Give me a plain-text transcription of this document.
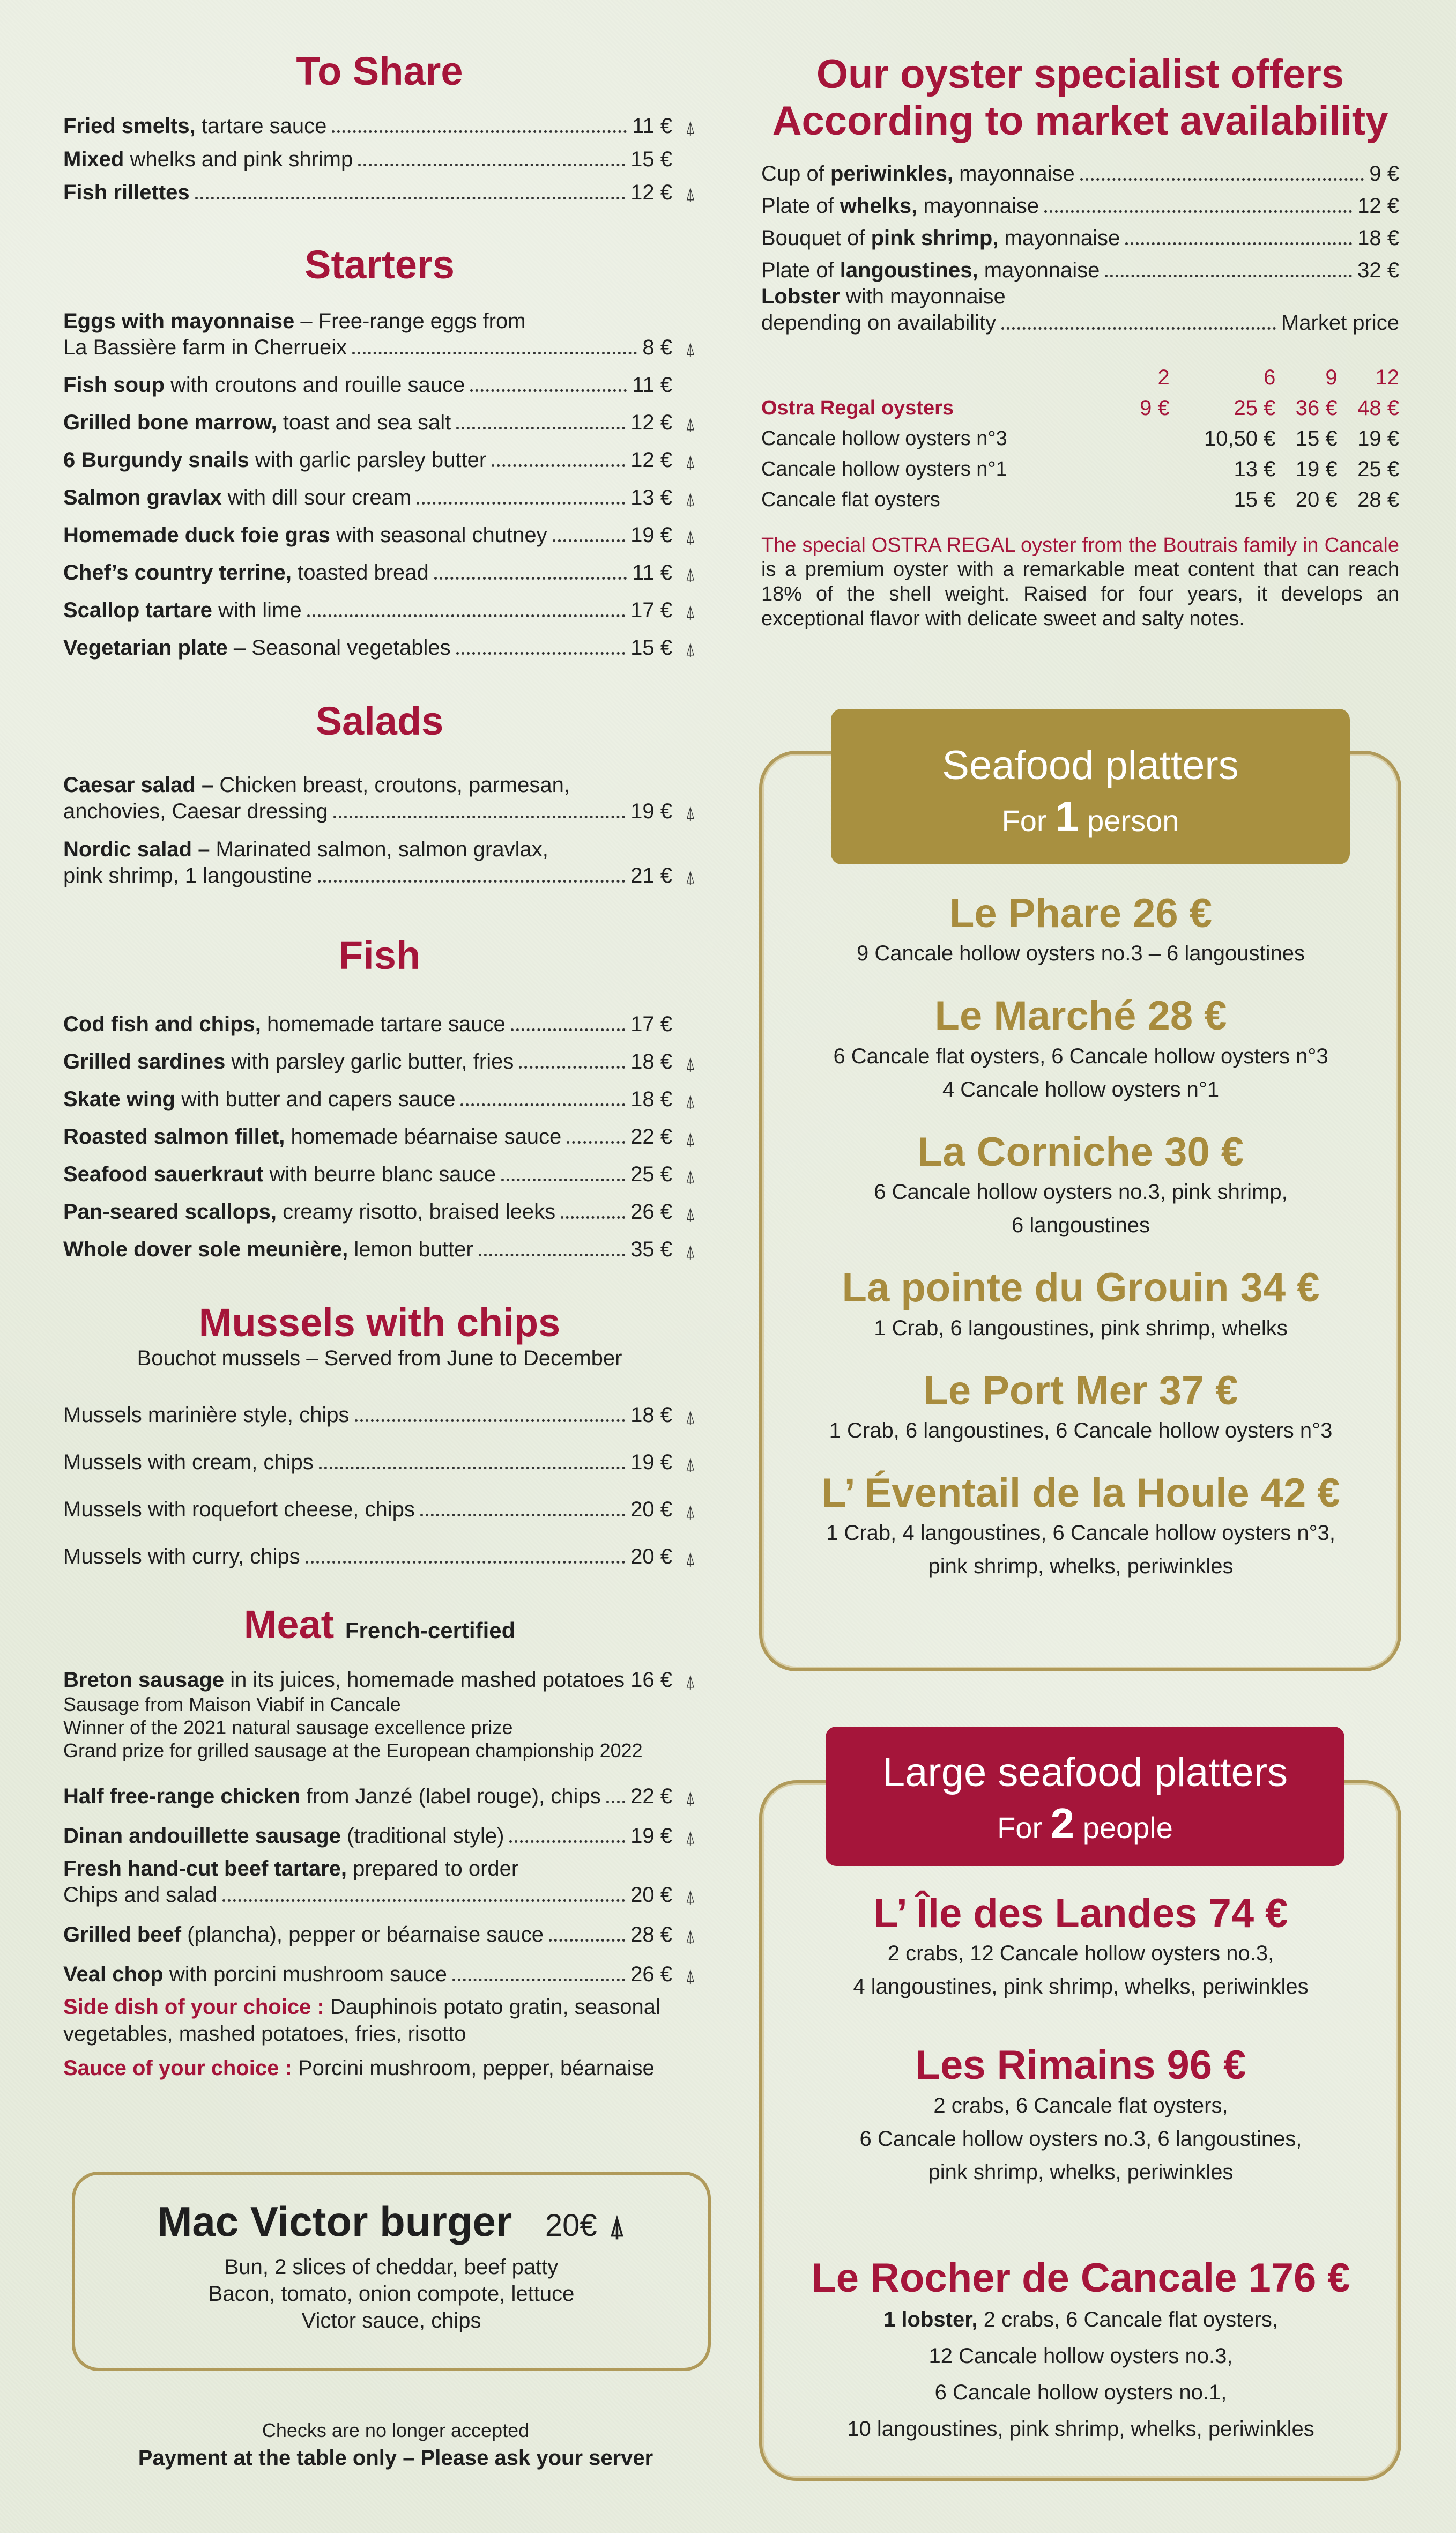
To Share
Fried smelts, tartare sauce	11 € ⍋
Mixed whelks and pink shrimp	15 €
Fish rillettes	12 € ⍋
Starters
Eggs with mayonnaise – Free-range eggs from
La Bassière farm in Cherrueix	8 € ⍋
Fish soup with croutons and rouille sauce	11 €
Grilled bone marrow, toast and sea salt	12 € ⍋
6 Burgundy snails with garlic parsley butter	12 € ⍋
Salmon gravlax with dill sour cream	13 € ⍋
Homemade duck foie gras with seasonal chutney	19 € ⍋
Chef’s country terrine, toasted bread	11 € ⍋
Scallop tartare with lime	17 € ⍋
Vegetarian plate – Seasonal vegetables	15 € ⍋
Salads
Caesar salad – Chicken breast, croutons, parmesan,
anchovies, Caesar dressing	19 € ⍋
Nordic salad – Marinated salmon, salmon gravlax,
pink shrimp, 1 langoustine	21 € ⍋
Fish
Cod fish and chips, homemade tartare sauce	17 €
Grilled sardines with parsley garlic butter, fries	18 € ⍋
Skate wing with butter and capers sauce	18 € ⍋
Roasted salmon fillet, homemade béarnaise sauce	22 € ⍋
Seafood sauerkraut with beurre blanc sauce	25 € ⍋
Pan-seared scallops, creamy risotto, braised leeks	26 € ⍋
Whole dover sole meunière, lemon butter	35 € ⍋
Mussels with chips
Bouchot mussels – Served from June to December
Mussels marinière style, chips	18 € ⍋
Mussels with cream, chips	19 € ⍋
Mussels with roquefort cheese, chips	20 € ⍋
Mussels with curry, chips	20 € ⍋
Meat French-certified
Breton sausage in its juices, homemade mashed potatoes 16 € ⍋
Sausage from Maison Viabif in Cancale
Winner of the 2021 natural sausage excellence prize
Grand prize for grilled sausage at the European championship 2022
Half free-range chicken from Janzé (label rouge), chips 22 € ⍋
Dinan andouillette sausage (traditional style)	19 € ⍋
Fresh hand-cut beef tartare, prepared to order
Chips and salad	20 € ⍋
Grilled beef (plancha), pepper or béarnaise sauce	28 € ⍋
Veal chop with porcini mushroom sauce	26 € ⍋
Side dish of your choice : Dauphinois potato gratin, seasonal
vegetables, mashed potatoes, fries, risotto
Sauce of your choice : Porcini mushroom, pepper, béarnaise
Mac Victor burger 20€ ⍋
Bun, 2 slices of cheddar, beef patty
Bacon, tomato, onion compote, lettuce
Victor sauce, chips
Checks are no longer accepted
Payment at the table only – Please ask your server
Our oyster specialist offers
According to market availability
Cup of periwinkles, mayonnaise	9 €
Plate of whelks, mayonnaise	12 €
Bouquet of pink shrimp, mayonnaise	18 €
Plate of langoustines, mayonnaise	32 €
Lobster with mayonnaise
depending on availability	Market price
	2	6	9	12
Ostra Regal oysters	9 €	25 €	36 €	48 €
Cancale hollow oysters n°3		10,50 €	15 €	19 €
Cancale hollow oysters n°1		13 €	19 €	25 €
Cancale flat oysters		15 €	20 €	28 €
The special OSTRA REGAL oyster from the Boutrais family in Cancale is a premium oyster with a remarkable meat content that can reach 18% of the shell weight. Raised for four years, it develops an exceptional flavor with delicate sweet and salty notes.
Seafood platters
For 1 person
Le Phare 26 €
9 Cancale hollow oysters no.3 – 6 langoustines
Le Marché 28 €
6 Cancale flat oysters, 6 Cancale hollow oysters n°3
4 Cancale hollow oysters n°1
La Corniche 30 €
6 Cancale hollow oysters no.3, pink shrimp,
6 langoustines
La pointe du Grouin 34 €
1 Crab, 6 langoustines, pink shrimp, whelks
Le Port Mer 37 €
1 Crab, 6 langoustines, 6 Cancale hollow oysters n°3
L’ Éventail de la Houle 42 €
1 Crab, 4 langoustines, 6 Cancale hollow oysters n°3,
pink shrimp, whelks, periwinkles
Large seafood platters
For 2 people
L’ Île des Landes 74 €
2 crabs, 12 Cancale hollow oysters no.3,
4 langoustines, pink shrimp, whelks, periwinkles
Les Rimains 96 €
2 crabs, 6 Cancale flat oysters,
6 Cancale hollow oysters no.3, 6 langoustines,
pink shrimp, whelks, periwinkles
Le Rocher de Cancale 176 €
1 lobster, 2 crabs, 6 Cancale flat oysters,
12 Cancale hollow oysters no.3,
6 Cancale hollow oysters no.1,
10 langoustines, pink shrimp, whelks, periwinkles
